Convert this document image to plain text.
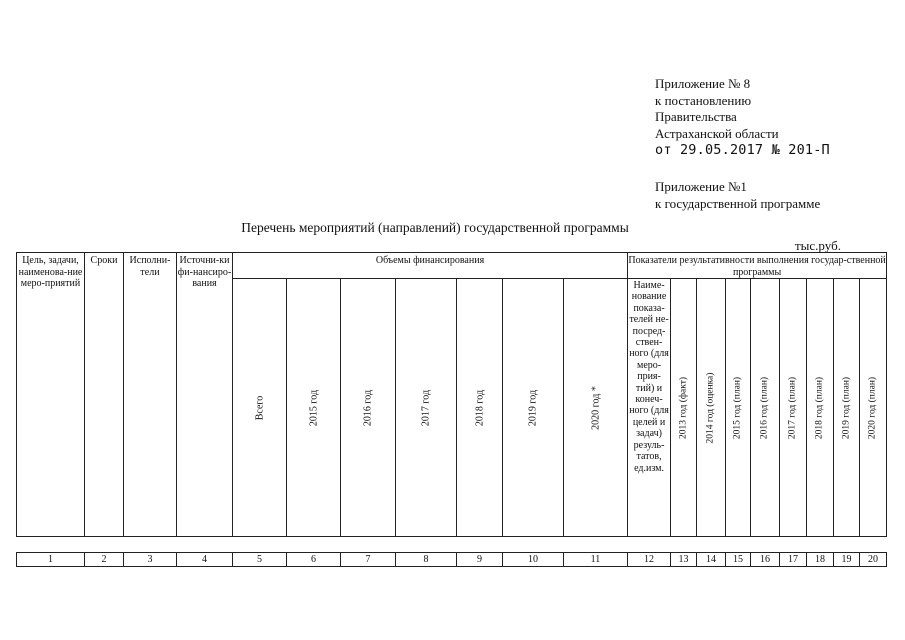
Приложение № 8
к постановлению
Правительства
Астраханской области
от 29.05.2017 № 201-П
Приложение №1
к государственной программе
Перечень мероприятий (направлений) государственной программы
тыс.руб.
Цель, задачи, наименова-ние меро-приятий	Сроки	Исполни-тели	Источни-ки фи-нансиро-вания	Объемы финансирования							Показатели результативности выполнения государ-ственной программы								

				Всего	2015 год	2016 год	2017 год	2018 год	2019 год	2020 год *	Наиме-нование показа-телей не-посред-ствен-ного (для меро-прия-тий) и конеч-ного (для целей и задач) резуль-татов, ед.изм.	2013 год (факт)	2014 год (оценка)	2015 год (план)	2016 год (план)	2017 год (план)	2018 год (план)	2019 год (план)	2020 год (план)
1	2	3	4	5	6	7	8	9	10	11	12	13	14	15	16	17	18	19	20
